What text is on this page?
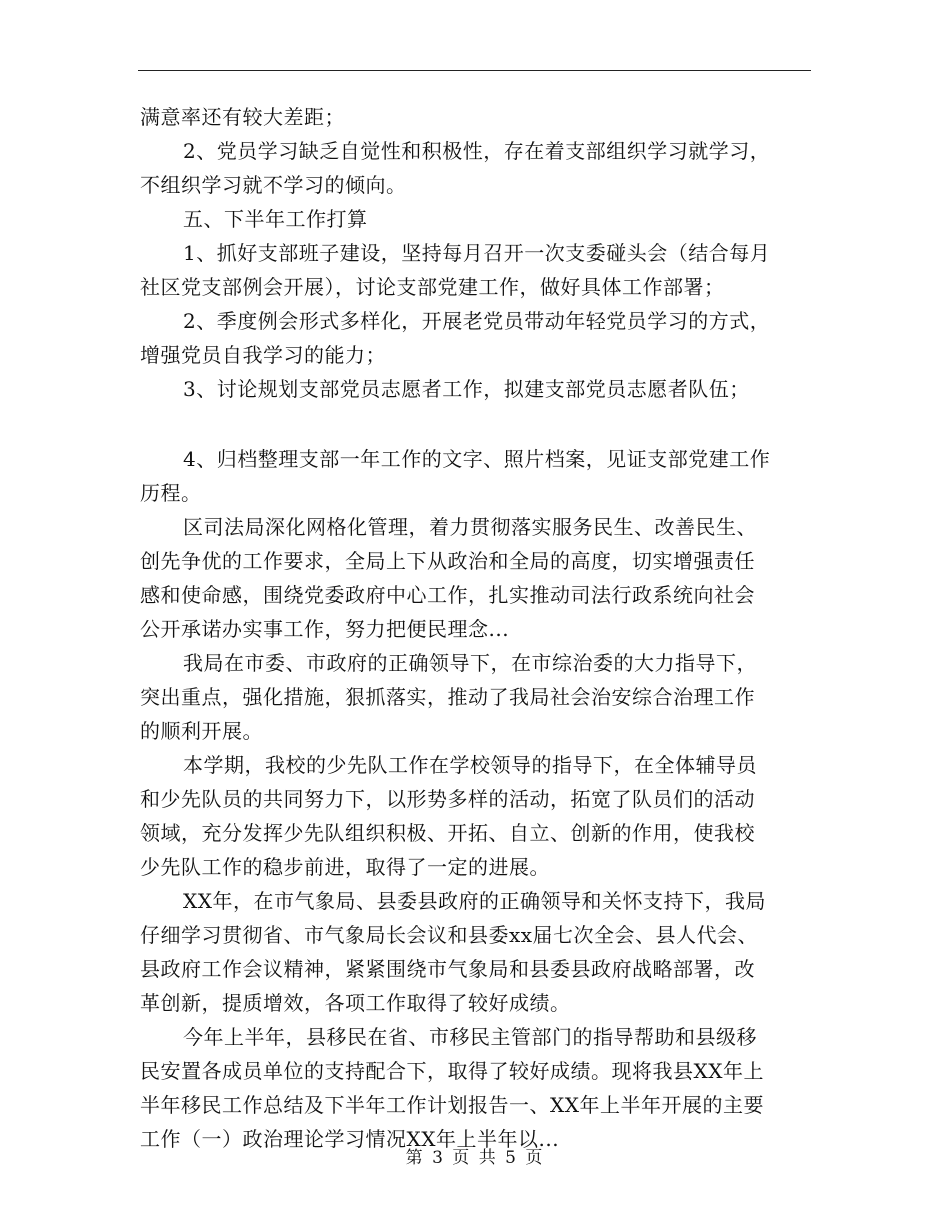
满意率还有较大差距；
2、党员学习缺乏自觉性和积极性，存在着支部组织学习就学习，
不组织学习就不学习的倾向。
五、下半年工作打算
1、抓好支部班子建设，坚持每月召开一次支委碰头会（结合每月
社区党支部例会开展），讨论支部党建工作，做好具体工作部署；
2、季度例会形式多样化，开展老党员带动年轻党员学习的方式，
增强党员自我学习的能力；
3、讨论规划支部党员志愿者工作，拟建支部党员志愿者队伍；
4、归档整理支部一年工作的文字、照片档案，见证支部党建工作
历程。
区司法局深化网格化管理，着力贯彻落实服务民生、改善民生、
创先争优的工作要求，全局上下从政治和全局的高度，切实增强责任
感和使命感，围绕党委政府中心工作，扎实推动司法行政系统向社会
公开承诺办实事工作，努力把便民理念...
我局在市委、市政府的正确领导下，在市综治委的大力指导下，
突出重点，强化措施，狠抓落实，推动了我局社会治安综合治理工作
的顺利开展。
本学期，我校的少先队工作在学校领导的指导下，在全体辅导员
和少先队员的共同努力下，以形势多样的活动，拓宽了队员们的活动
领域，充分发挥少先队组织积极、开拓、自立、创新的作用，使我校
少先队工作的稳步前进，取得了一定的进展。
XX年，在市气象局、县委县政府的正确领导和关怀支持下，我局
仔细学习贯彻省、市气象局长会议和县委xx届七次全会、县人代会、
县政府工作会议精神，紧紧围绕市气象局和县委县政府战略部署，改
革创新，提质增效，各项工作取得了较好成绩。
今年上半年，县移民在省、市移民主管部门的指导帮助和县级移
民安置各成员单位的支持配合下，取得了较好成绩。现将我县XX年上
半年移民工作总结及下半年工作计划报告一、XX年上半年开展的主要
工作（一）政治理论学习情况XX年上半年以...
第 3 页 共 5 页
